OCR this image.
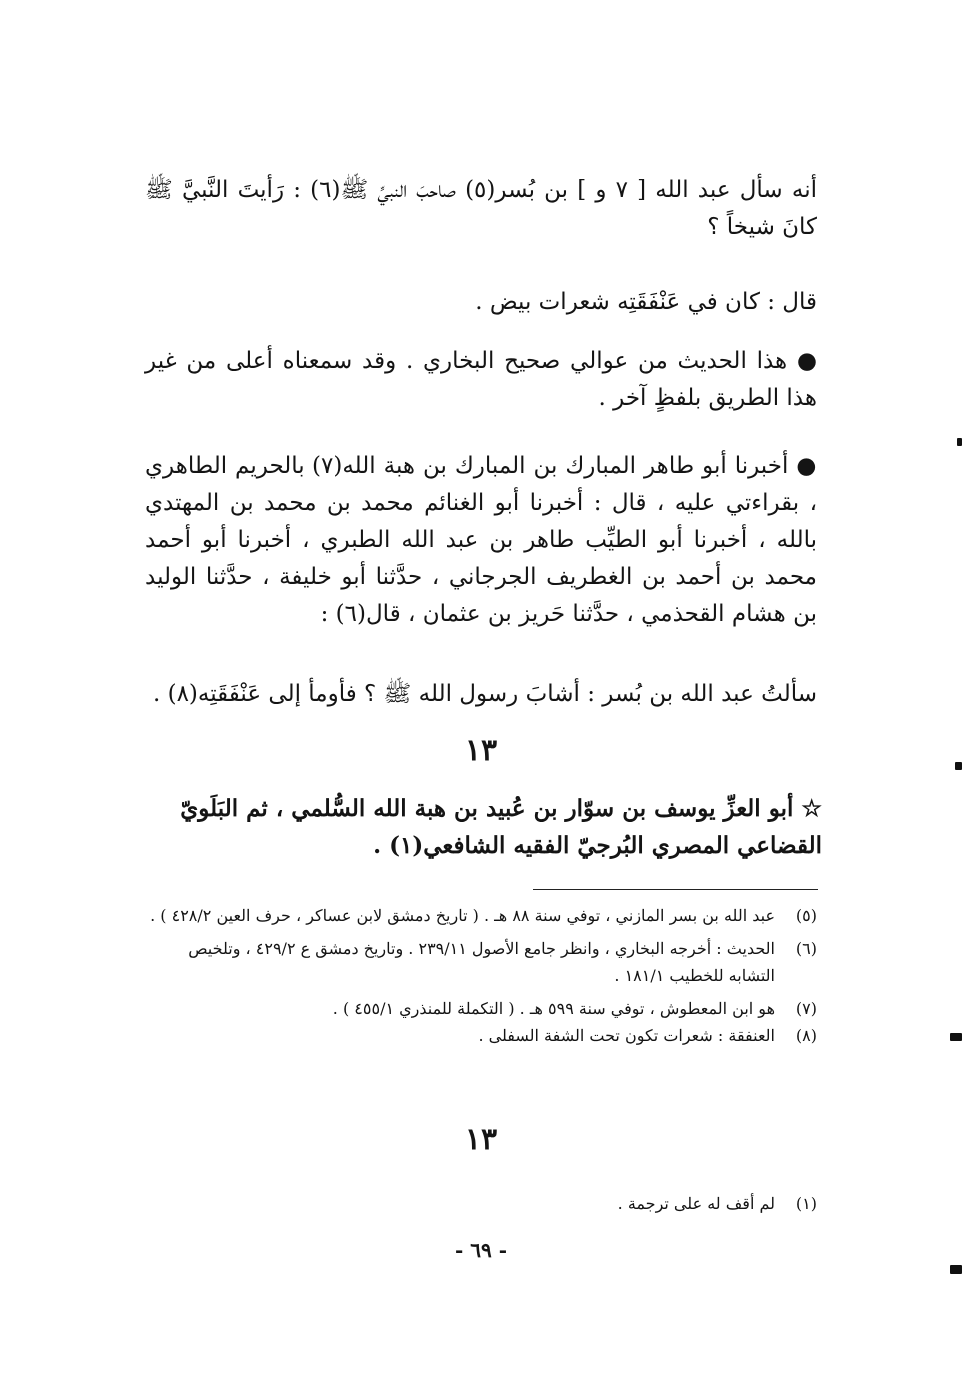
أنه سأل عبد الله [ ٧ و ] بن بُسر(٥) صاحبَ النبيِّ ﷺ(٦) : رَأيتَ النَّبيَّ ﷺ كانَ شيخاً ؟
قال : كان في عَنْفَقَتِه شعرات بيض .
● هذا الحديث من عوالي صحيح البخاري . وقد سمعناه أعلى من غير هذا الطريق بلفظٍ آخر .
● أخبرنا أبو طاهر المبارك بن المبارك بن هبة الله(٧) بالحريم الطاهري ، بقراءتي عليه ، قال : أخبرنا أبو الغنائم محمد بن محمد بن المهتدي بالله ، أخبرنا أبو الطيِّب طاهر بن عبد الله الطبري ، أخبرنا أبو أحمد محمد بن أحمد بن الغطريف الجرجاني ، حدَّثنا أبو خليفة ، حدَّثنا الوليد بن هشام القحذمي ، حدَّثنا حَريز بن عثمان ، قال(٦) :
سألتُ عبد الله بن بُسر : أشابَ رسول الله ﷺ ؟ فأومأ إلى عَنْفَقَتِه(٨) .
١٣
☆ أبو العزِّ يوسف بن سوّار بن عُبيد بن هبة الله السُّلمي ، ثم البَلَويّ القضاعي المصري البُرجيّ الفقيه الشافعي(١) .
(٥)
عبد الله بن بسر المازني ، توفي سنة ٨٨ هـ . ( تاريخ دمشق لابن عساكر ، حرف العين ٤٢٨/٢ ) .
(٦)
الحديث : أخرجه البخاري ، وانظر جامع الأصول ٢٣٩/١١ . وتاريخ دمشق ع ٤٢٩/٢ ، وتلخيص التشابه للخطيب ١٨١/١ .
(٧)
هو ابن المعطوش ، توفي سنة ٥٩٩ هـ . ( التكملة للمنذري ٤٥٥/١ ) .
(٨)
العنفقة : شعرات تكون تحت الشفة السفلى .
١٣
(١)
لم أقف له على ترجمة .
- ٦٩ -
